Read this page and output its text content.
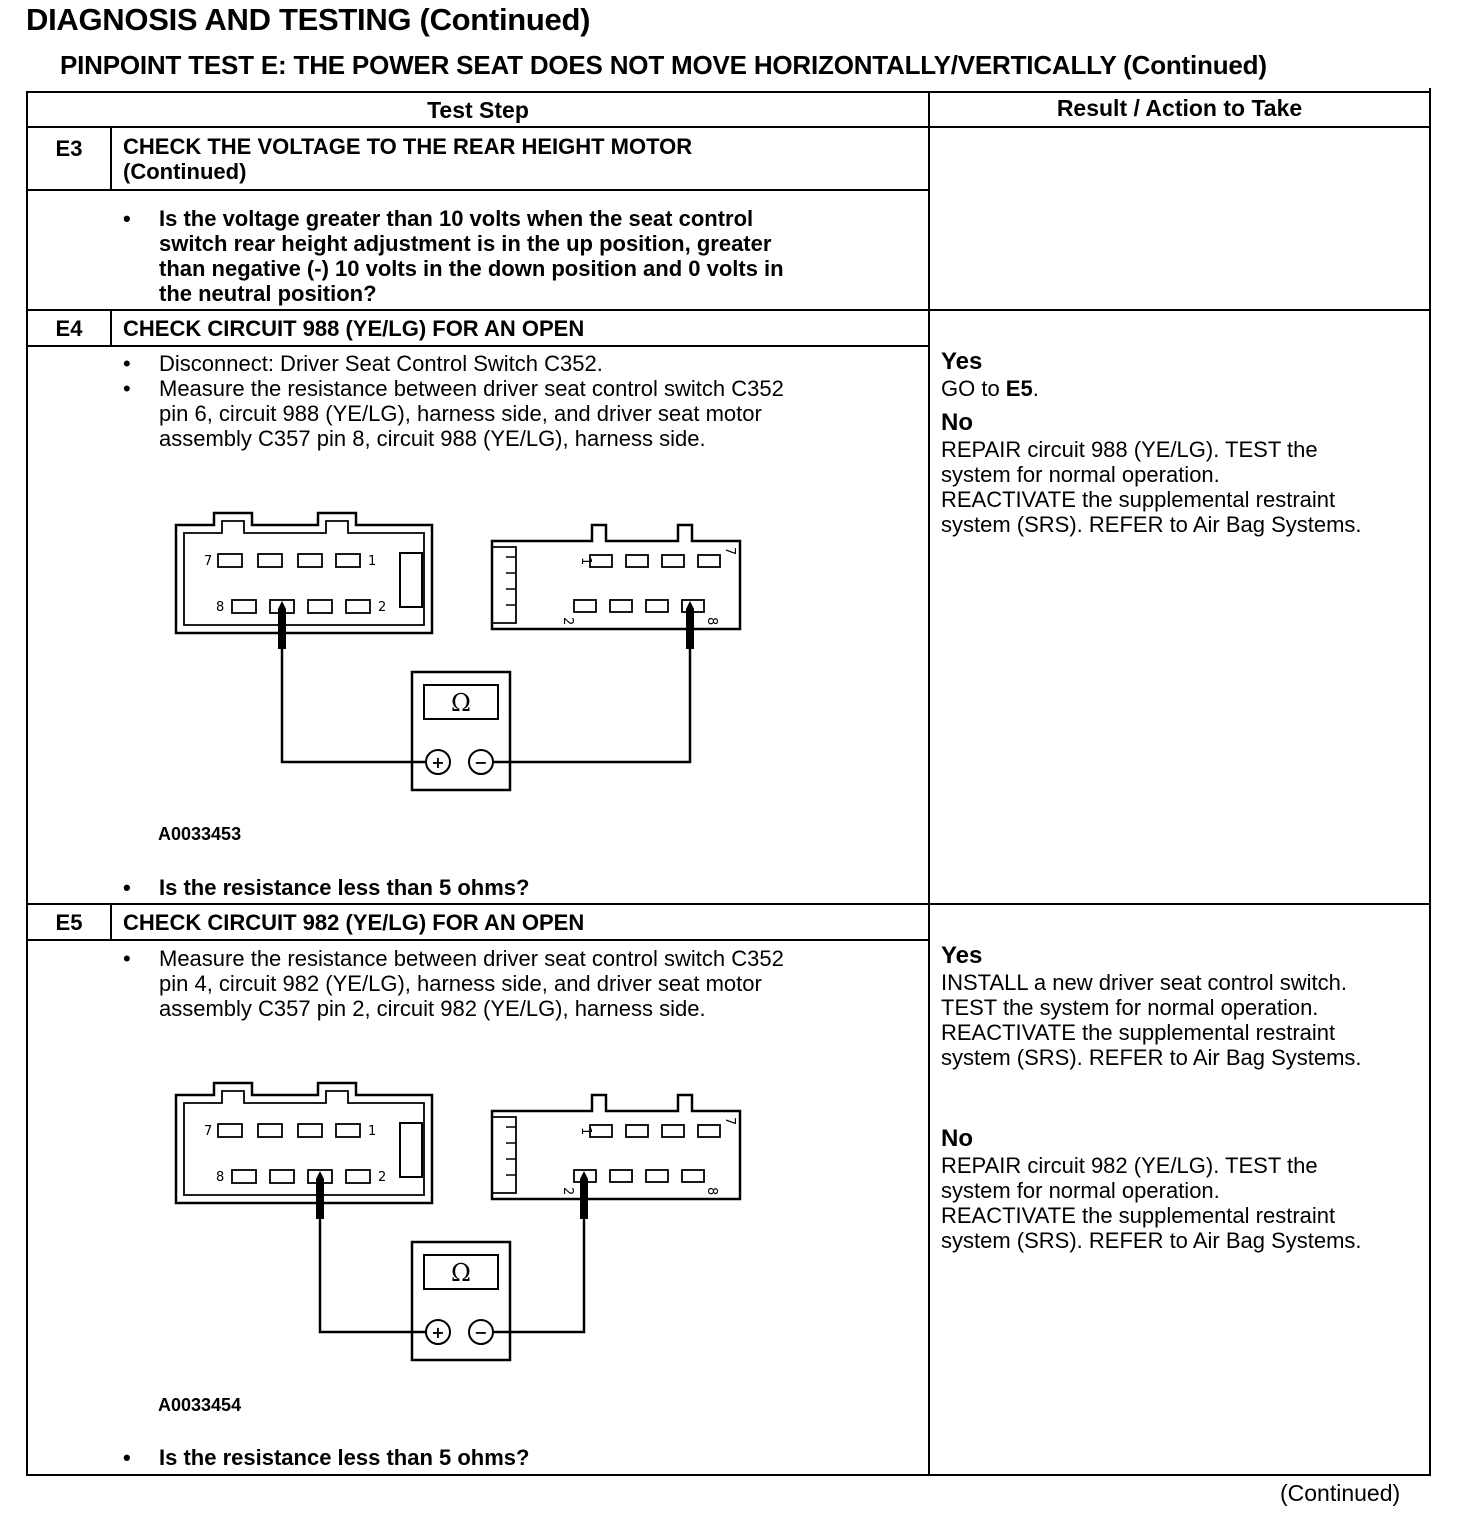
DIAGNOSIS AND TESTING (Continued)
PINPOINT TEST E: THE POWER SEAT DOES NOT MOVE HORIZONTALLY/VERTICALLY (Continued)
Test Step	Result / Action to Take
E3	CHECK THE VOLTAGE TO THE REAR HEIGHT MOTOR
(Continued)
• Is the voltage greater than 10 volts when the seat control
switch rear height adjustment is in the up position, greater
than negative (-) 10 volts in the down position and 0 volts in
the neutral position?
E4	CHECK CIRCUIT 988 (YE/LG) FOR AN OPEN
• Disconnect: Driver Seat Control Switch C352.
• Measure the resistance between driver seat control switch C352
pin 6, circuit 988 (YE/LG), harness side, and driver seat motor
assembly C357 pin 8, circuit 988 (YE/LG), harness side.
7	1
8	2
1
7
2	8
Ω
+ −
A0033453
• Is the resistance less than 5 ohms?
Yes
GO to E5.
No
REPAIR circuit 988 (YE/LG). TEST the
system for normal operation.
REACTIVATE the supplemental restraint
system (SRS). REFER to Air Bag Systems.
E5	CHECK CIRCUIT 982 (YE/LG) FOR AN OPEN
• Measure the resistance between driver seat control switch C352
pin 4, circuit 982 (YE/LG), harness side, and driver seat motor
assembly C357 pin 2, circuit 982 (YE/LG), harness side.
7	1
8	2
1
7
2	8
Ω
+ −
A0033454
• Is the resistance less than 5 ohms?
Yes
INSTALL a new driver seat control switch.
TEST the system for normal operation.
REACTIVATE the supplemental restraint
system (SRS). REFER to Air Bag Systems.
No
REPAIR circuit 982 (YE/LG). TEST the
system for normal operation.
REACTIVATE the supplemental restraint
system (SRS). REFER to Air Bag Systems.
(Continued)
